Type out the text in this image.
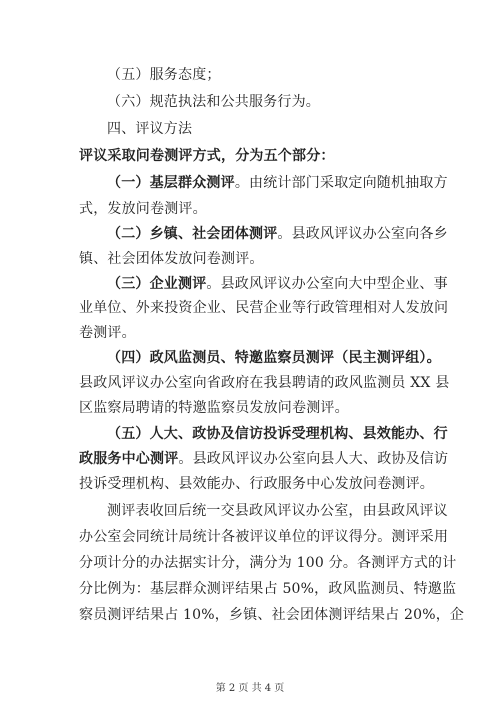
（五）服务态度；
（六）规范执法和公共服务行为。
四、评议方法
评议采取问卷测评方式，分为五个部分：
（一）基层群众测评。由统计部门采取定向随机抽取方
式，发放问卷测评。
（二）乡镇、社会团体测评。县政风评议办公室向各乡
镇、社会团体发放问卷测评。
（三）企业测评。县政风评议办公室向大中型企业、事
业单位、外来投资企业、民营企业等行政管理相对人发放问
卷测评。
（四）政风监测员、特邀监察员测评（民主测评组）。
县政风评议办公室向省政府在我县聘请的政风监测员 XX 县
区监察局聘请的特邀监察员发放问卷测评。
（五）人大、政协及信访投诉受理机构、县效能办、行
政服务中心测评。县政风评议办公室向县人大、政协及信访
投诉受理机构、县效能办、行政服务中心发放问卷测评。
测评表收回后统一交县政风评议办公室，由县政风评议
办公室会同统计局统计各被评议单位的评议得分。测评采用
分项计分的办法据实计分，满分为 100 分。各测评方式的计
分比例为：基层群众测评结果占 50%，政风监测员、特邀监
察员测评结果占 10%，乡镇、社会团体测评结果占 20%，企
第 2 页 共 4 页
